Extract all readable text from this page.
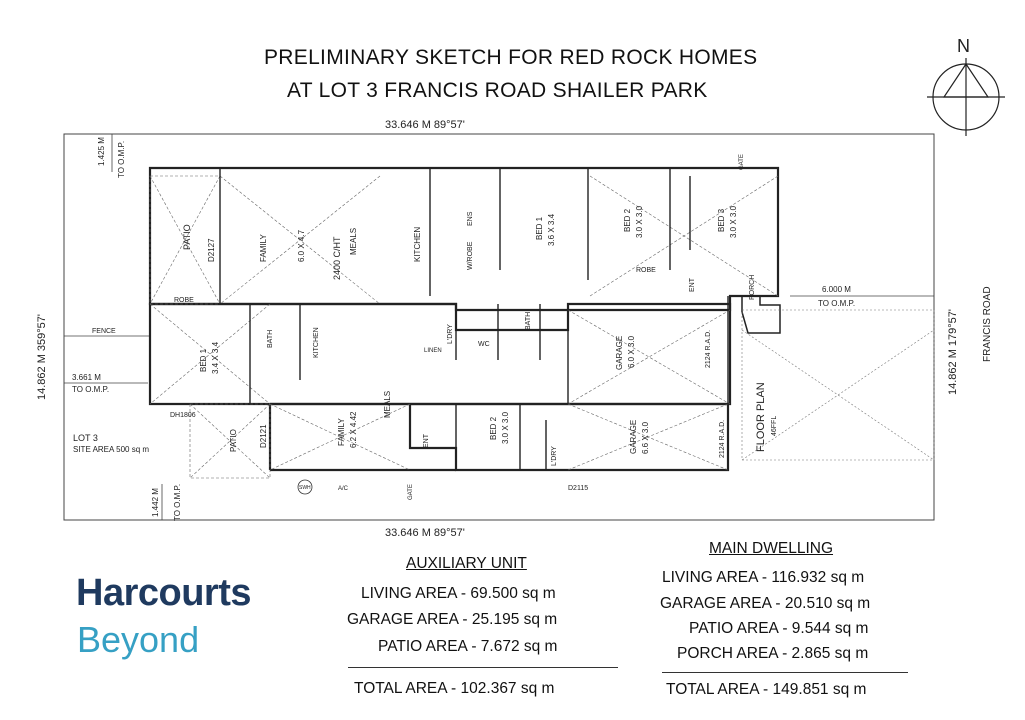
PRELIMINARY SKETCH FOR RED ROCK HOMES
AT LOT 3 FRANCIS ROAD SHAILER PARK
N
33.646 M 89°57'
33.646 M 89°57'
14.862 M 359°57'	14.862 M 179°57' FRANCIS ROAD
1.425 M TO O.M.P.
1.442 M TO O.M.P.
3.661 M
TO O.M.P.
6.000 M
TO O.M.P.
FENCE
LOT 3
SITE AREA 500 sq m
GATE
GATE
PATIO
D2127	FAMILY	6.0 X 4.7	2400 C/HT MEALS	KITCHEN
ENS
W/ROBE
BED 1 3.6 X 3.4	BED 2 3.0 X 3.0	BED 3 3.0 X 3.0
ROBE
ENT	PORCH
GARAGE 6.0 X 3.0
BATH
WC
L'DRY
LINEN	2124 R.A.D.
ROBE
BED 1 3.4 X 3.4
BATH	KITCHEN
FAMILY 6.2 X 4.42
MEALS
PATIO	D2121	BED 2 3.0 X 3.0
L'DRY
ENT	GARAGE 6.6 X 3.0	2124 R.A.D.
DH1806
D2115
SWH	A/C
FLOOR PLAN 46FFL
AUXILIARY UNIT
LIVING AREA - 69.500 sq m
GARAGE AREA - 25.195 sq m
PATIO AREA - 7.672 sq m
TOTAL AREA - 102.367 sq m
MAIN DWELLING
LIVING AREA - 116.932 sq m
GARAGE AREA - 20.510 sq m
PATIO AREA - 9.544 sq m
PORCH AREA - 2.865 sq m
TOTAL AREA - 149.851 sq m
Harcourts
Beyond
